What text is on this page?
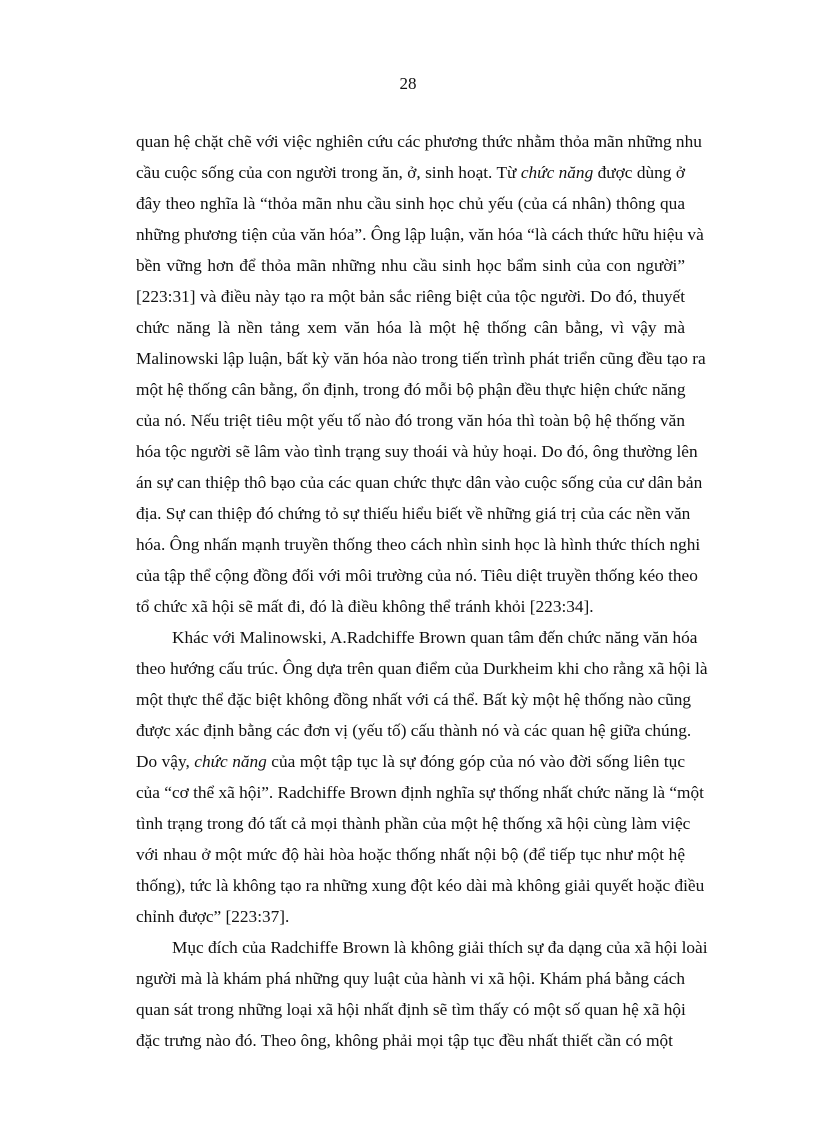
28
quan hệ chặt chẽ với việc nghiên cứu các phương thức nhằm thỏa mãn những nhu
cầu cuộc sống của con người trong ăn, ở, sinh hoạt. Từ chức năng được dùng ở
đây theo nghĩa là “thỏa mãn nhu cầu sinh học chủ yếu (của cá nhân) thông qua
những phương tiện của văn hóa”. Ông lập luận, văn hóa “là cách thức hữu hiệu và
bền vững hơn để thỏa mãn những nhu cầu sinh học bẩm sinh của con người”
[223:31] và điều này tạo ra một bản sắc riêng biệt của tộc người. Do đó, thuyết
chức năng là nền tảng xem văn hóa là một hệ thống cân bằng, vì vậy mà
Malinowski lập luận, bất kỳ văn hóa nào trong tiến trình phát triển cũng đều tạo ra
một hệ thống cân bằng, ổn định, trong đó mỗi bộ phận đều thực hiện chức năng
của nó. Nếu triệt tiêu một yếu tố nào đó trong văn hóa thì toàn bộ hệ thống văn
hóa tộc người sẽ lâm vào tình trạng suy thoái và hủy hoại. Do đó, ông thường lên
án sự can thiệp thô bạo của các quan chức thực dân vào cuộc sống của cư dân bản
địa. Sự can thiệp đó chứng tỏ sự thiếu hiểu biết về những giá trị của các nền văn
hóa. Ông nhấn mạnh truyền thống theo cách nhìn sinh học là hình thức thích nghi
của tập thể cộng đồng đối với môi trường của nó. Tiêu diệt truyền thống kéo theo
tổ chức xã hội sẽ mất đi, đó là điều không thể tránh khỏi [223:34].
Khác với Malinowski, A.Radchiffe Brown quan tâm đến chức năng văn hóa
theo hướng cấu trúc. Ông dựa trên quan điểm của Durkheim khi cho rằng xã hội là
một thực thể đặc biệt không đồng nhất với cá thể. Bất kỳ một hệ thống nào cũng
được xác định bằng các đơn vị (yếu tố) cấu thành nó và các quan hệ giữa chúng.
Do vậy, chức năng của một tập tục là sự đóng góp của nó vào đời sống liên tục
của “cơ thể xã hội”. Radchiffe Brown định nghĩa sự thống nhất chức năng là “một
tình trạng trong đó tất cả mọi thành phần của một hệ thống xã hội cùng làm việc
với nhau ở một mức độ hài hòa hoặc thống nhất nội bộ (để tiếp tục như một hệ
thống), tức là không tạo ra những xung đột kéo dài mà không giải quyết hoặc điều
chỉnh được” [223:37].
Mục đích của Radchiffe Brown là không giải thích sự đa dạng của xã hội loài
người mà là khám phá những quy luật của hành vi xã hội. Khám phá bằng cách
quan sát trong những loại xã hội nhất định sẽ tìm thấy có một số quan hệ xã hội
đặc trưng nào đó. Theo ông, không phải mọi tập tục đều nhất thiết cần có một
